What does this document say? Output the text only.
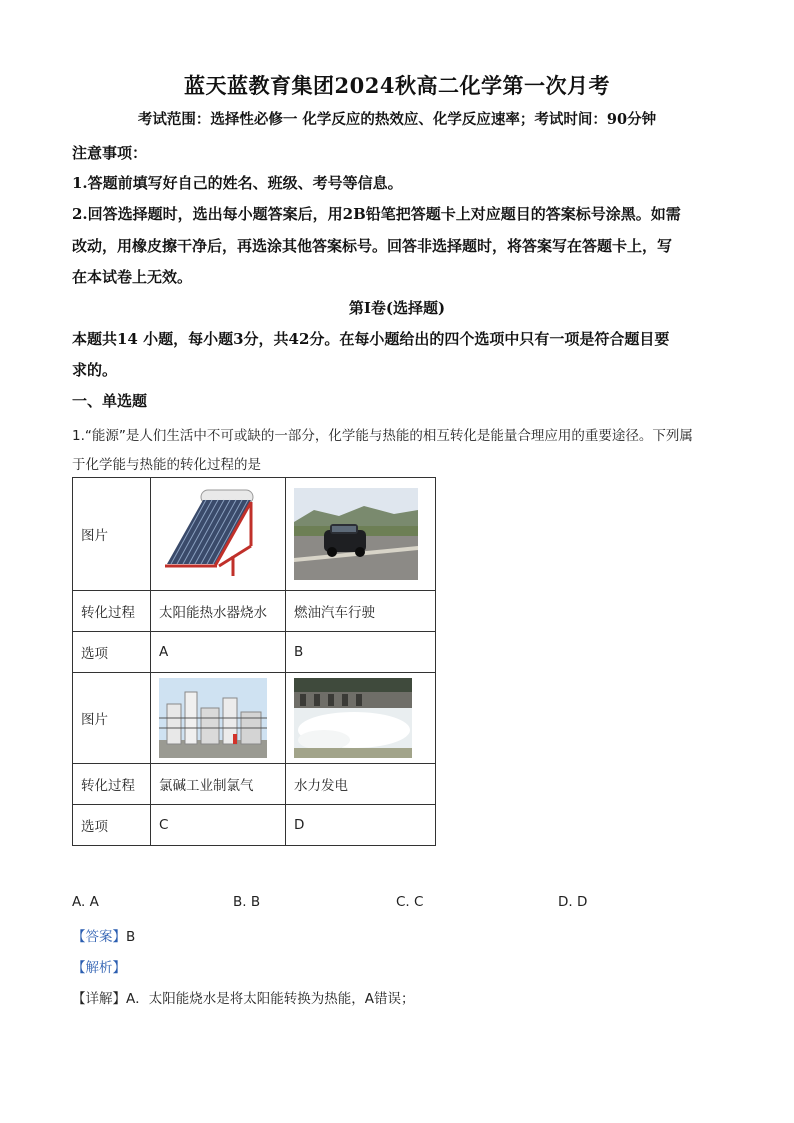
蓝天蓝教育集团2024秋高二化学第一次月考
考试范围：选择性必修一 化学反应的热效应、化学反应速率；考试时间：90分钟
注意事项：
1.答题前填写好自己的姓名、班级、考号等信息。
2.回答选择题时，选出每小题答案后，用2B铅笔把答题卡上对应题目的答案标号涂黑。如需
改动，用橡皮擦干净后，再选涂其他答案标号。回答非选择题时，将答案写在答题卡上，写
在本试卷上无效。
第Ⅰ卷(选择题)
本题共14 小题，每小题3分，共42分。在每小题给出的四个选项中只有一项是符合题目要
求的。
一、单选题
1.“能源”是人们生活中不可或缺的一部分，化学能与热能的相互转化是能量合理应用的重要途径。下列属
于化学能与热能的转化过程的是
图片	

转化过程	太阳能热水器烧水	燃油汽车行驶
选项	A	B
图片	

转化过程	氯碱工业制氯气	水力发电
选项	C	D
A. A	B. B	C. C	D. D
【答案】B
【解析】
【详解】A．太阳能烧水是将太阳能转换为热能，A错误；
